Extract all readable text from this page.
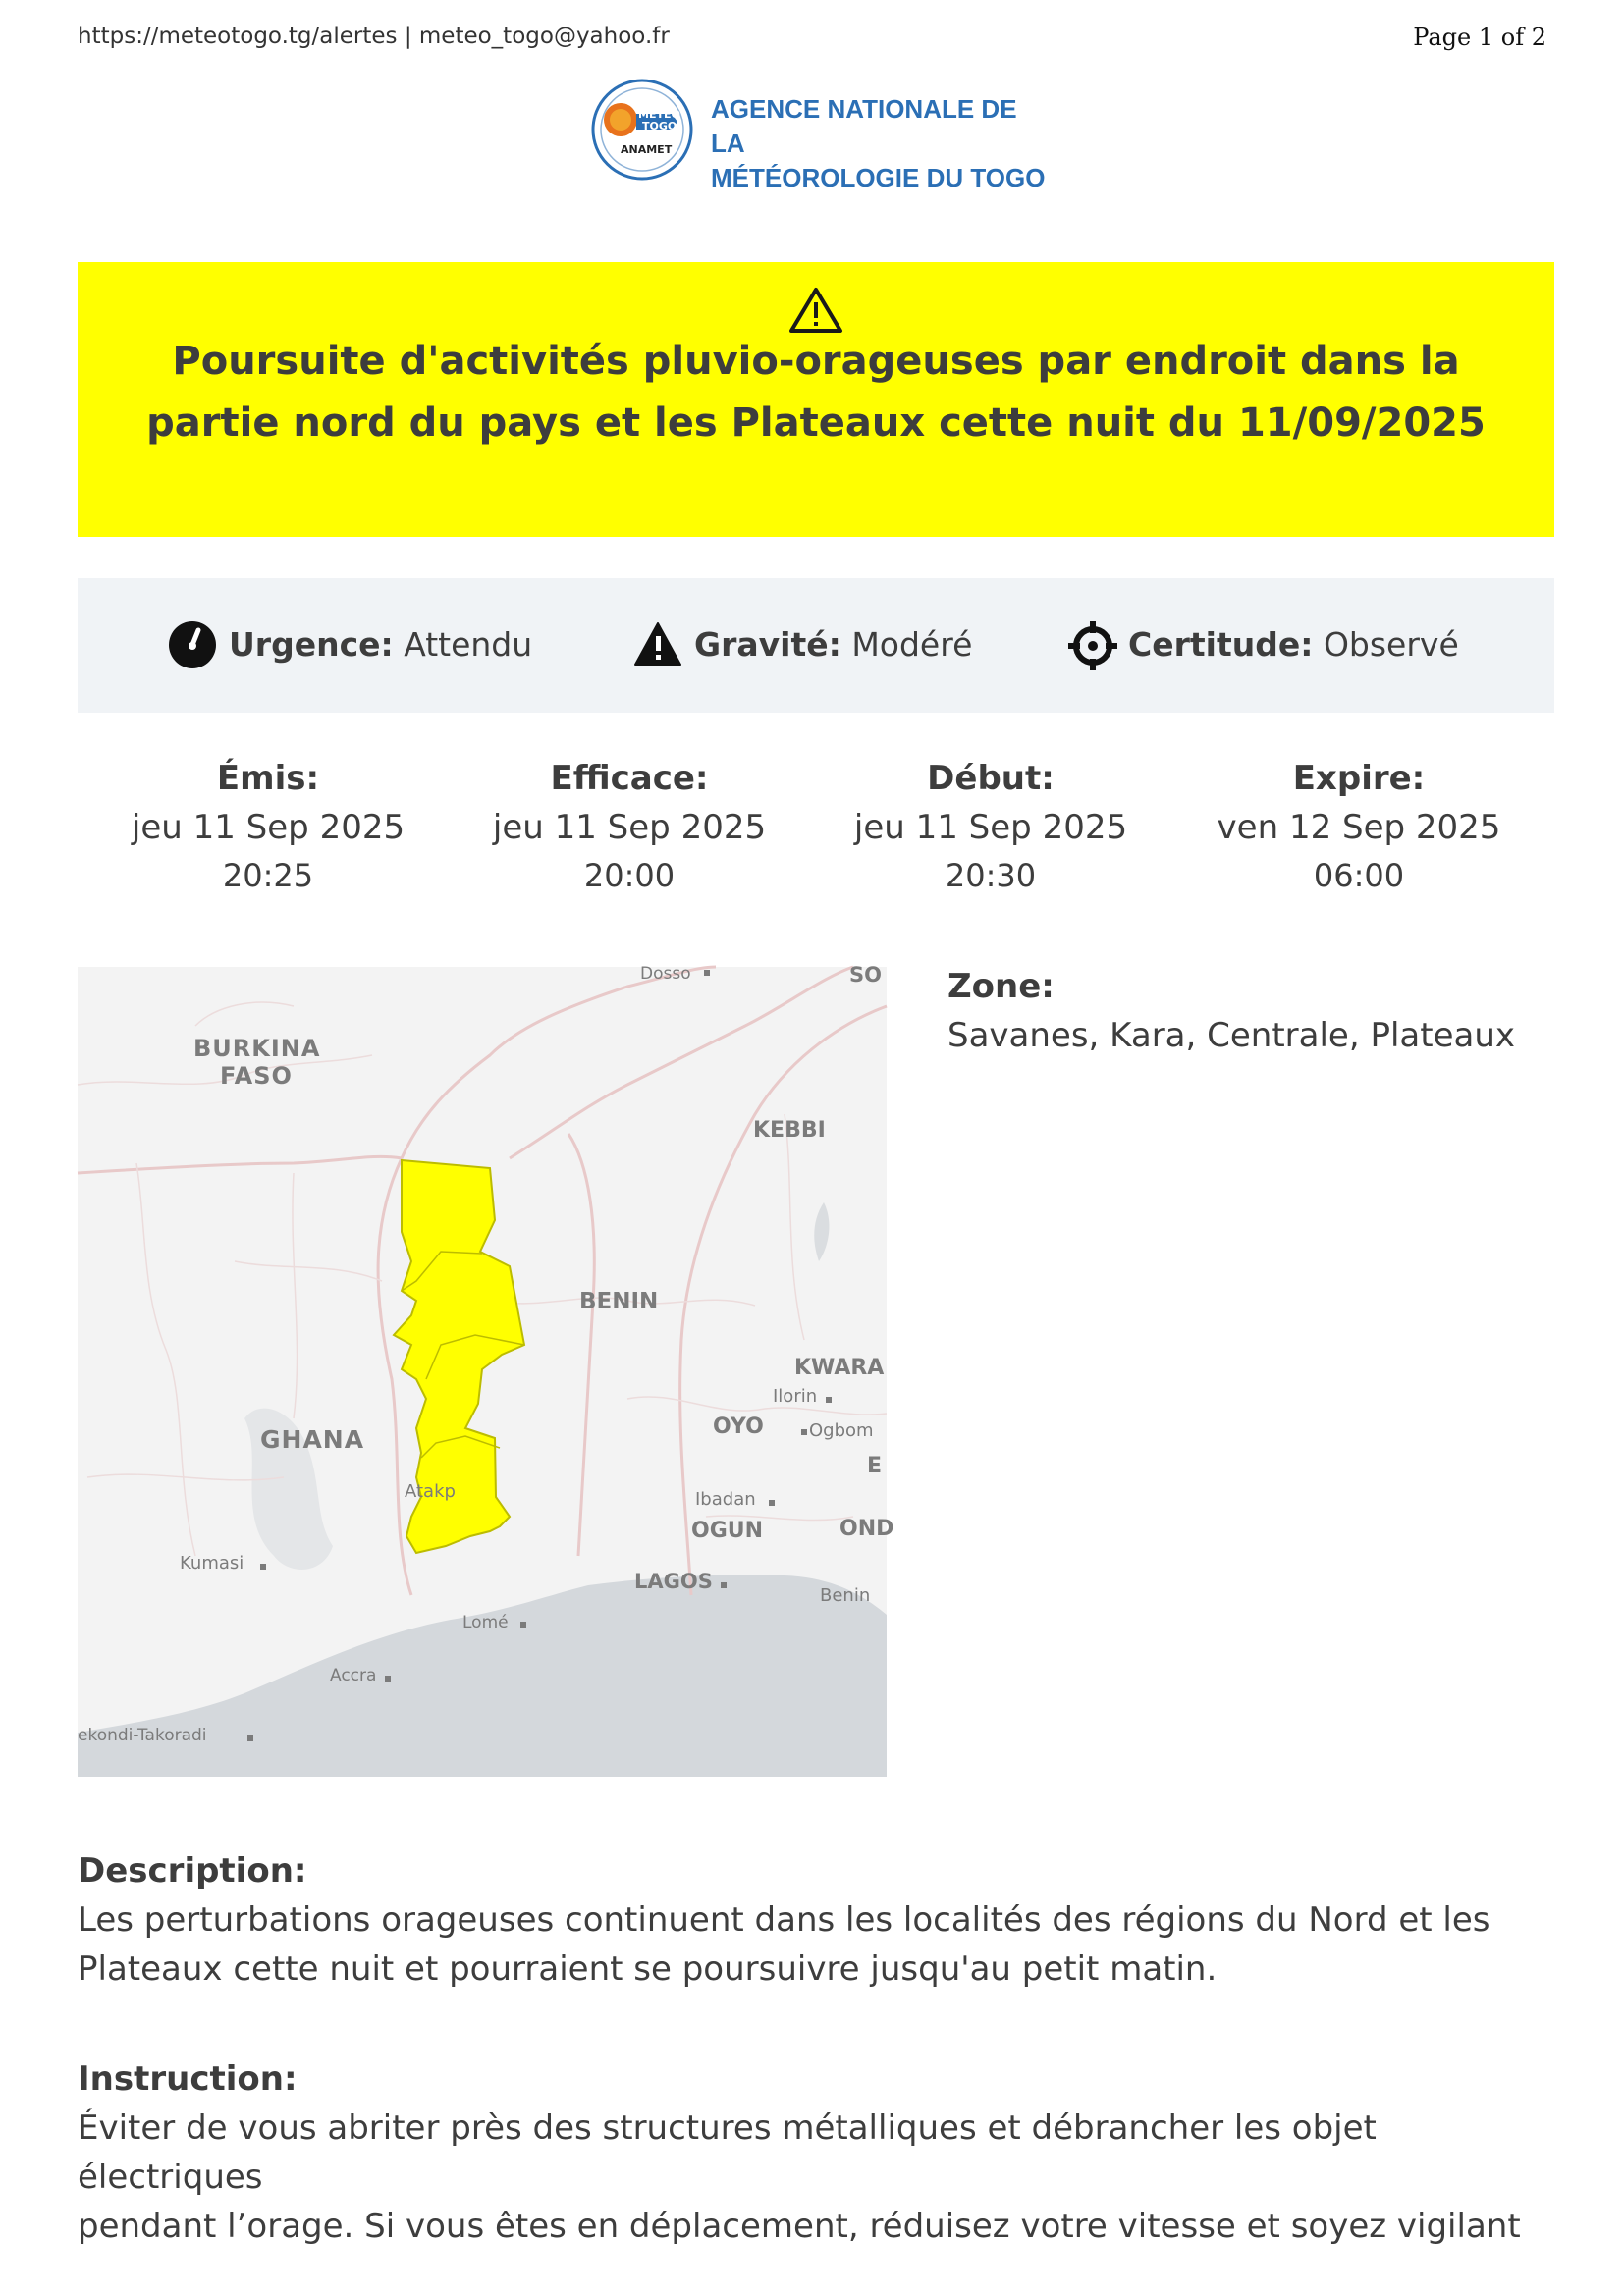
https://meteotogo.tg/alertes | meteo_togo@yahoo.fr	Page 1 of 2
METEO
TOGO
ANAMET
AGENCE NATIONALE DE LA
MÉTÉOROLOGIE DU TOGO
Poursuite d'activités pluvio-orageuses par endroit dans la partie nord du pays et les Plateaux cette nuit du 11/09/2025
Urgence: Attendu	Gravité: Modéré	Certitude: Observé
Émis:
jeu 11 Sep 2025
20:25
Efficace:
jeu 11 Sep 2025
20:00
Début:
jeu 11 Sep 2025
20:30
Expire:
ven 12 Sep 2025
06:00
Dosso	SO
BURKINA
FASO
KEBBI
BENIN
KWARA
Ilorin
OYO	Ogbom
E
GHANA
Atakp	Ibadan
OGUN	OND
Kumasi
LAGOS
Benin
Lomé
Accra
ekondi-Takoradi
Zone:
Savanes, Kara, Centrale, Plateaux
Description:
Les perturbations orageuses continuent dans les localités des régions du Nord et les
Plateaux cette nuit et pourraient se poursuivre jusqu'au petit matin.
Instruction:
Éviter de vous abriter près des structures métalliques et débrancher les objet électriques
pendant l’orage. Si vous êtes en déplacement, réduisez votre vitesse et soyez vigilant
